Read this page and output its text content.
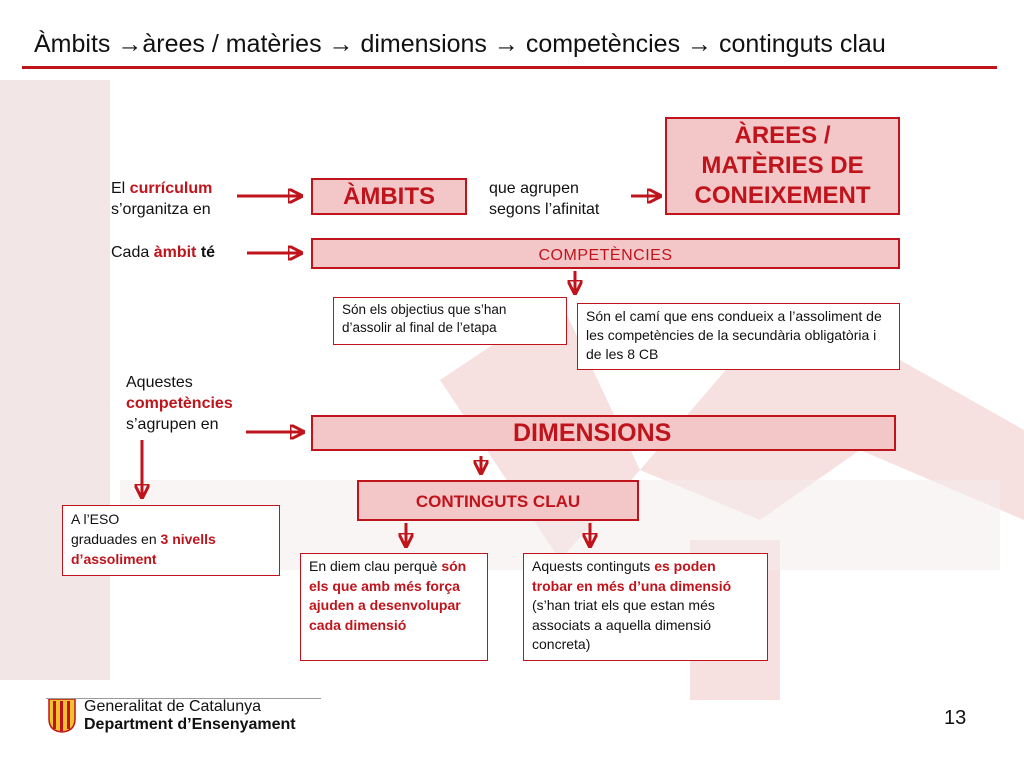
Àmbits →àrees / matèries → dimensions → competències → continguts clau
El currículum
s’organitza en
Cada àmbit té
Aquestes
competències
s’agrupen en
que agrupen
segons l’afinitat
ÀMBITS
ÀREES /
MATÈRIES DE
CONEIXEMENT
COMPETÈNCIES
DIMENSIONS
CONTINGUTS CLAU
Són els objectius que s’han d’assolir al final de l’etapa
Són el camí que ens condueix a l’assoliment de les competències de la secundària obligatòria i de les 8 CB
A l’ESO
graduades en 3 nivells
d’assoliment	En diem clau perquè són els que amb més força ajuden a desenvolupar cada dimensió
Aquests continguts es poden trobar en més d’una dimensió (s’han triat els que estan més associats a aquella dimensió concreta)
Generalitat de Catalunya
Department d’Ensenyament	13
